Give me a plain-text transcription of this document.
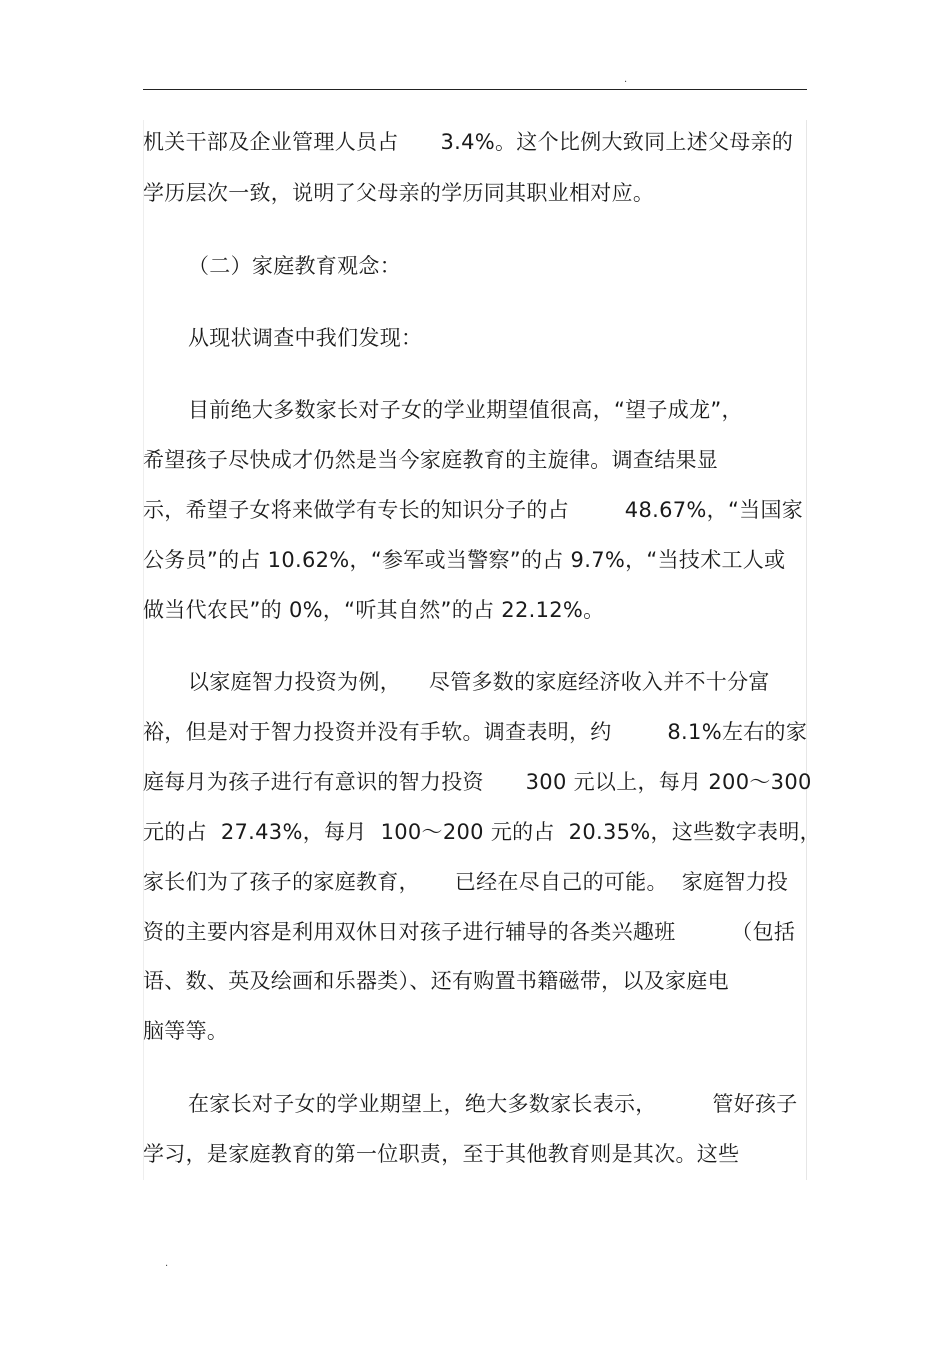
.
机关干部及企业管理人员占      3.4%。这个比例大致同上述父母亲的
学历层次一致，说明了父母亲的学历同其职业相对应。
（二）家庭教育观念：
从现状调查中我们发现：
目前绝大多数家长对子女的学业期望值很高，“望子成龙”，
希望孩子尽快成才仍然是当今家庭教育的主旋律。调查结果显
示，希望子女将来做学有专长的知识分子的占        48.67%，“当国家
公务员”的占 10.62%，“参军或当警察”的占 9.7%，“当技术工人或
做当代农民”的 0%，“听其自然”的占 22.12%。
以家庭智力投资为例，    尽管多数的家庭经济收入并不十分富
裕，但是对于智力投资并没有手软。调查表明，约        8.1%左右的家
庭每月为孩子进行有意识的智力投资      300 元以上，每月 200～300
元的占  27.43%，每月  100～200 元的占  20.35%，这些数字表明，
家长们为了孩子的家庭教育，     已经在尽自己的可能。  家庭智力投
资的主要内容是利用双休日对孩子进行辅导的各类兴趣班        （包括
语、数、英及绘画和乐器类）、还有购置书籍磁带，以及家庭电
脑等等。
在家长对子女的学业期望上，绝大多数家长表示，        管好孩子
学习，是家庭教育的第一位职责，至于其他教育则是其次。这些
.
